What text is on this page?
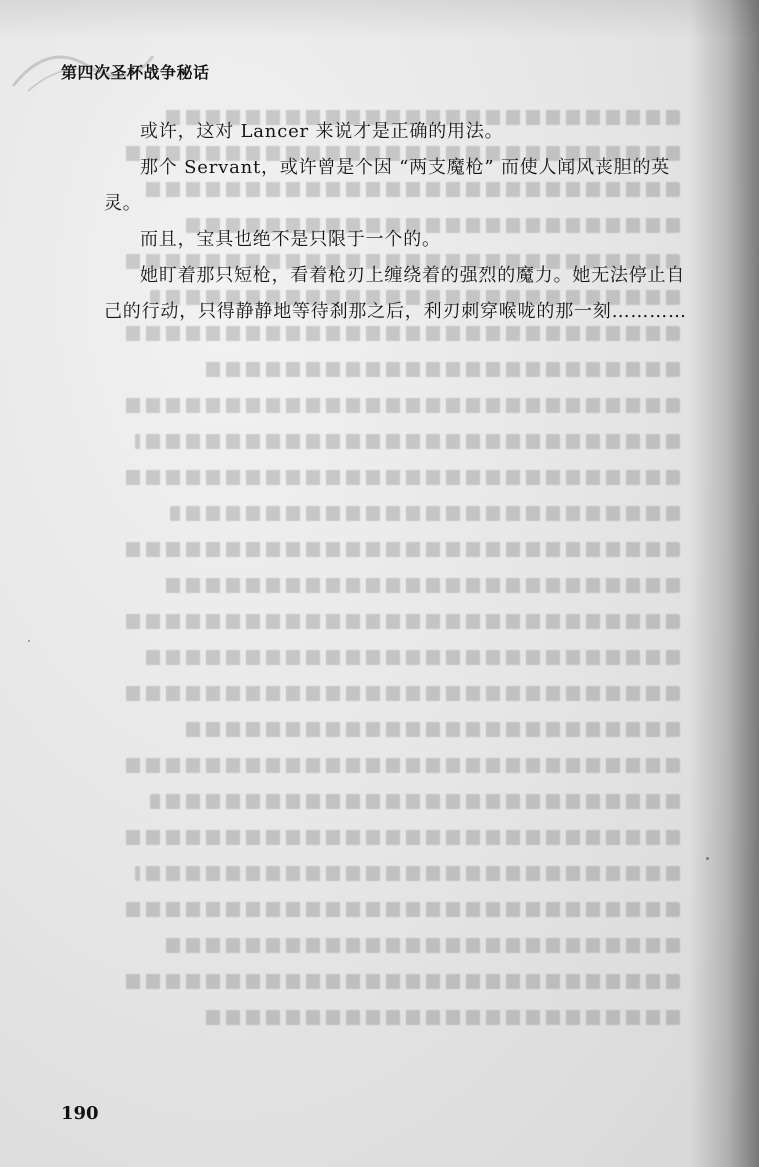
第四次圣杯战争秘话

或许，这对 Lancer 来说才是正确的用法。

那个 Servant，或许曾是个因 “两支魔枪” 而使人闻风丧胆的英灵。

而且，宝具也绝不是只限于一个的。

她盯着那只短枪，看着枪刃上缠绕着的强烈的魔力。她无法停止自己的行动，只得静静地等待刹那之后，利刃刺穿喉咙的那一刻…………

190
